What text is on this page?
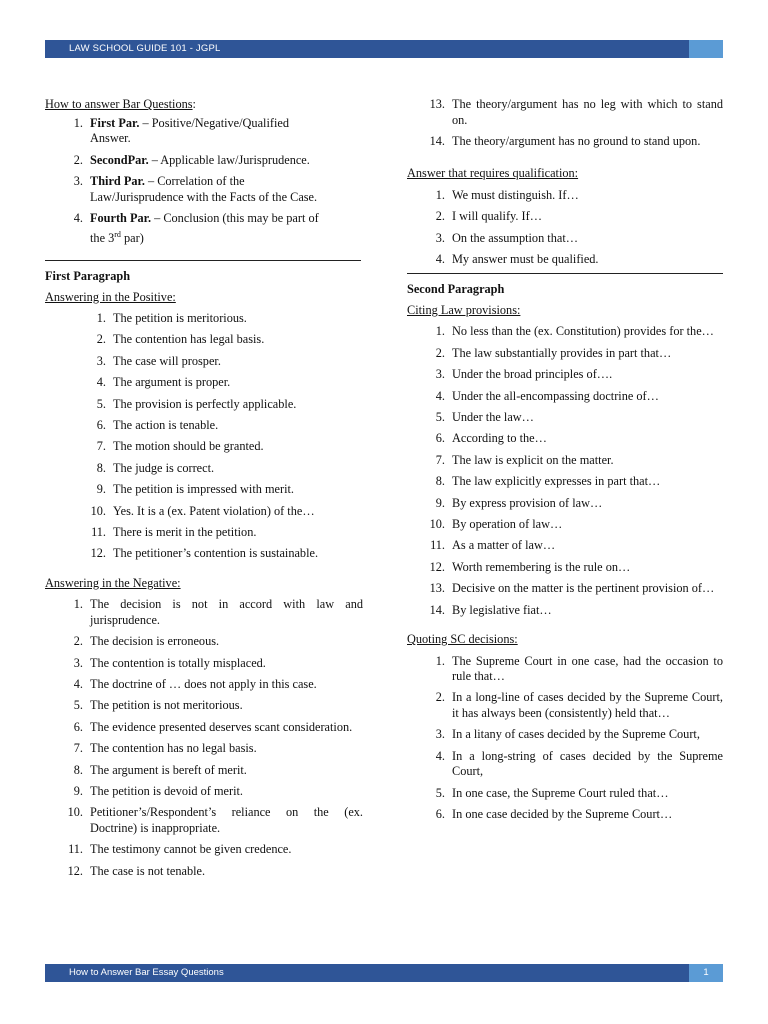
LAW SCHOOL GUIDE 101 - JGPL
How to answer Bar Questions:
1. First Par. – Positive/Negative/Qualified Answer.
2. SecondPar. – Applicable law/Jurisprudence.
3. Third Par. – Correlation of the Law/Jurisprudence with the Facts of the Case.
4. Fourth Par. – Conclusion (this may be part of the 3rd par)
First Paragraph
Answering in the Positive:
1. The petition is meritorious.
2. The contention has legal basis.
3. The case will prosper.
4. The argument is proper.
5. The provision is perfectly applicable.
6. The action is tenable.
7. The motion should be granted.
8. The judge is correct.
9. The petition is impressed with merit.
10. Yes. It is a (ex. Patent violation) of the…
11. There is merit in the petition.
12. The petitioner’s contention is sustainable.
Answering in the Negative:
1. The decision is not in accord with law and jurisprudence.
2. The decision is erroneous.
3. The contention is totally misplaced.
4. The doctrine of … does not apply in this case.
5. The petition is not meritorious.
6. The evidence presented deserves scant consideration.
7. The contention has no legal basis.
8. The argument is bereft of merit.
9. The petition is devoid of merit.
10. Petitioner’s/Respondent’s reliance on the (ex. Doctrine) is inappropriate.
11. The testimony cannot be given credence.
12. The case is not tenable.
13. The theory/argument has no leg with which to stand on.
14. The theory/argument has no ground to stand upon.
Answer that requires qualification:
1. We must distinguish. If…
2. I will qualify. If…
3. On the assumption that…
4. My answer must be qualified.
Second Paragraph
Citing Law provisions:
1. No less than the (ex. Constitution) provides for the…
2. The law substantially provides in part that…
3. Under the broad principles of….
4. Under the all-encompassing doctrine of…
5. Under the law…
6. According to the…
7. The law is explicit on the matter.
8. The law explicitly expresses in part that…
9. By express provision of law…
10. By operation of law…
11. As a matter of law…
12. Worth remembering is the rule on…
13. Decisive on the matter is the pertinent provision of…
14. By legislative fiat…
Quoting SC decisions:
1. The Supreme Court in one case, had the occasion to rule that…
2. In a long-line of cases decided by the Supreme Court, it has always been (consistently) held that…
3. In a litany of cases decided by the Supreme Court,
4. In a long-string of cases decided by the Supreme Court,
5. In one case, the Supreme Court ruled that…
6. In one case decided by the Supreme Court…
How to Answer Bar Essay Questions	1
